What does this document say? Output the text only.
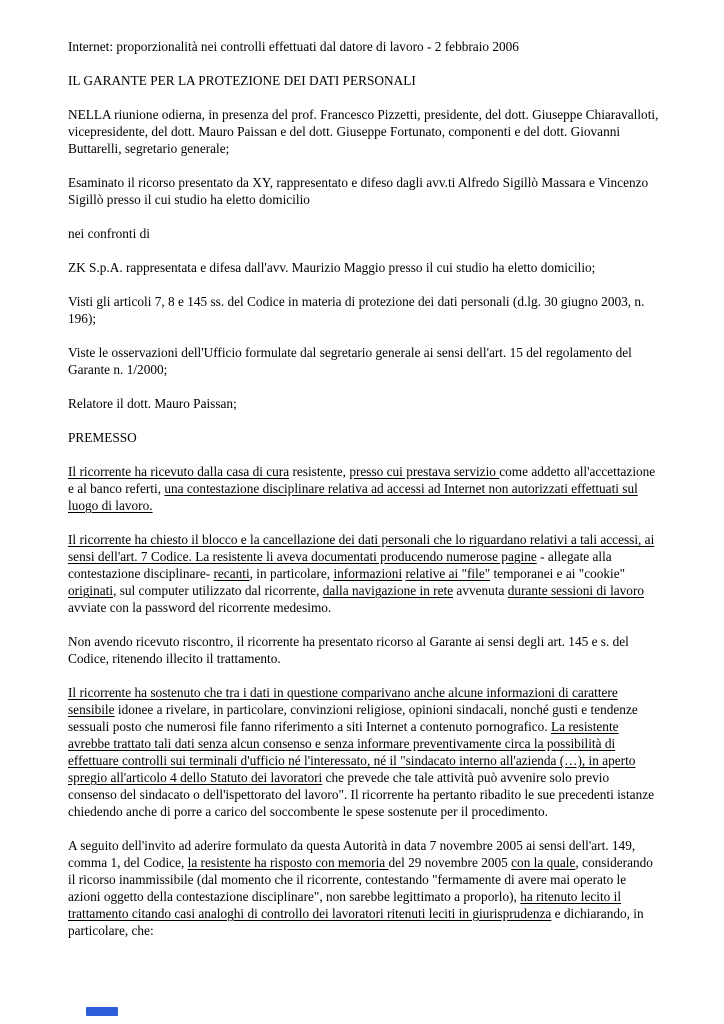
Internet: proporzionalità nei controlli effettuati dal datore di lavoro - 2 febbraio 2006

IL GARANTE PER LA PROTEZIONE DEI DATI PERSONALI

NELLA riunione odierna, in presenza del prof. Francesco Pizzetti, presidente, del dott. Giuseppe Chiaravalloti, vicepresidente, del dott. Mauro Paissan e del dott. Giuseppe Fortunato, componenti e del dott. Giovanni Buttarelli, segretario generale;

Esaminato il ricorso presentato da XY, rappresentato e difeso dagli avv.ti Alfredo Sigillò Massara e Vincenzo Sigillò presso il cui studio ha eletto domicilio

nei confronti di

ZK S.p.A. rappresentata e difesa dall'avv. Maurizio Maggio presso il cui studio ha eletto domicilio;

Visti gli articoli 7, 8 e 145 ss. del Codice in materia di protezione dei dati personali (d.lg. 30 giugno 2003, n. 196);

Viste le osservazioni dell'Ufficio formulate dal segretario generale ai sensi dell'art. 15 del regolamento del Garante n. 1/2000;

Relatore il dott. Mauro Paissan;

PREMESSO

Il ricorrente ha ricevuto dalla casa di cura resistente, presso cui prestava servizio come addetto all'accettazione e al banco referti, una contestazione disciplinare relativa ad accessi ad Internet non autorizzati effettuati sul luogo di lavoro.

Il ricorrente ha chiesto il blocco e la cancellazione dei dati personali che lo riguardano relativi a tali accessi, ai sensi dell'art. 7 Codice. La resistente li aveva documentati producendo numerose pagine - allegate alla contestazione disciplinare- recanti, in particolare, informazioni relative ai "file" temporanei e ai "cookie" originati, sul computer utilizzato dal ricorrente, dalla navigazione in rete avvenuta durante sessioni di lavoro avviate con la password del ricorrente medesimo.

Non avendo ricevuto riscontro, il ricorrente ha presentato ricorso al Garante ai sensi degli art. 145 e s. del Codice, ritenendo illecito il trattamento.

Il ricorrente ha sostenuto che tra i dati in questione comparivano anche alcune informazioni di carattere sensibile idonee a rivelare, in particolare, convinzioni religiose, opinioni sindacali, nonché gusti e tendenze sessuali posto che numerosi file fanno riferimento a siti Internet a contenuto pornografico. La resistente avrebbe trattato tali dati senza alcun consenso e senza informare preventivamente circa la possibilità di effettuare controlli sui terminali d'ufficio né l'interessato, né il "sindacato interno all'azienda (…), in aperto spregio all'articolo 4 dello Statuto dei lavoratori che prevede che tale attività può avvenire solo previo consenso del sindacato o dell'ispettorato del lavoro". Il ricorrente ha pertanto ribadito le sue precedenti istanze chiedendo anche di porre a carico del soccombente le spese sostenute per il procedimento.

A seguito dell'invito ad aderire formulato da questa Autorità in data 7 novembre 2005 ai sensi dell'art. 149, comma 1, del Codice, la resistente ha risposto con memoria del 29 novembre 2005 con la quale, considerando il ricorso inammissibile (dal momento che il ricorrente, contestando "fermamente di avere mai operato le azioni oggetto della contestazione disciplinare", non sarebbe legittimato a proporlo), ha ritenuto lecito il trattamento citando casi analoghi di controllo dei lavoratori ritenuti leciti in giurisprudenza e dichiarando, in particolare, che:
